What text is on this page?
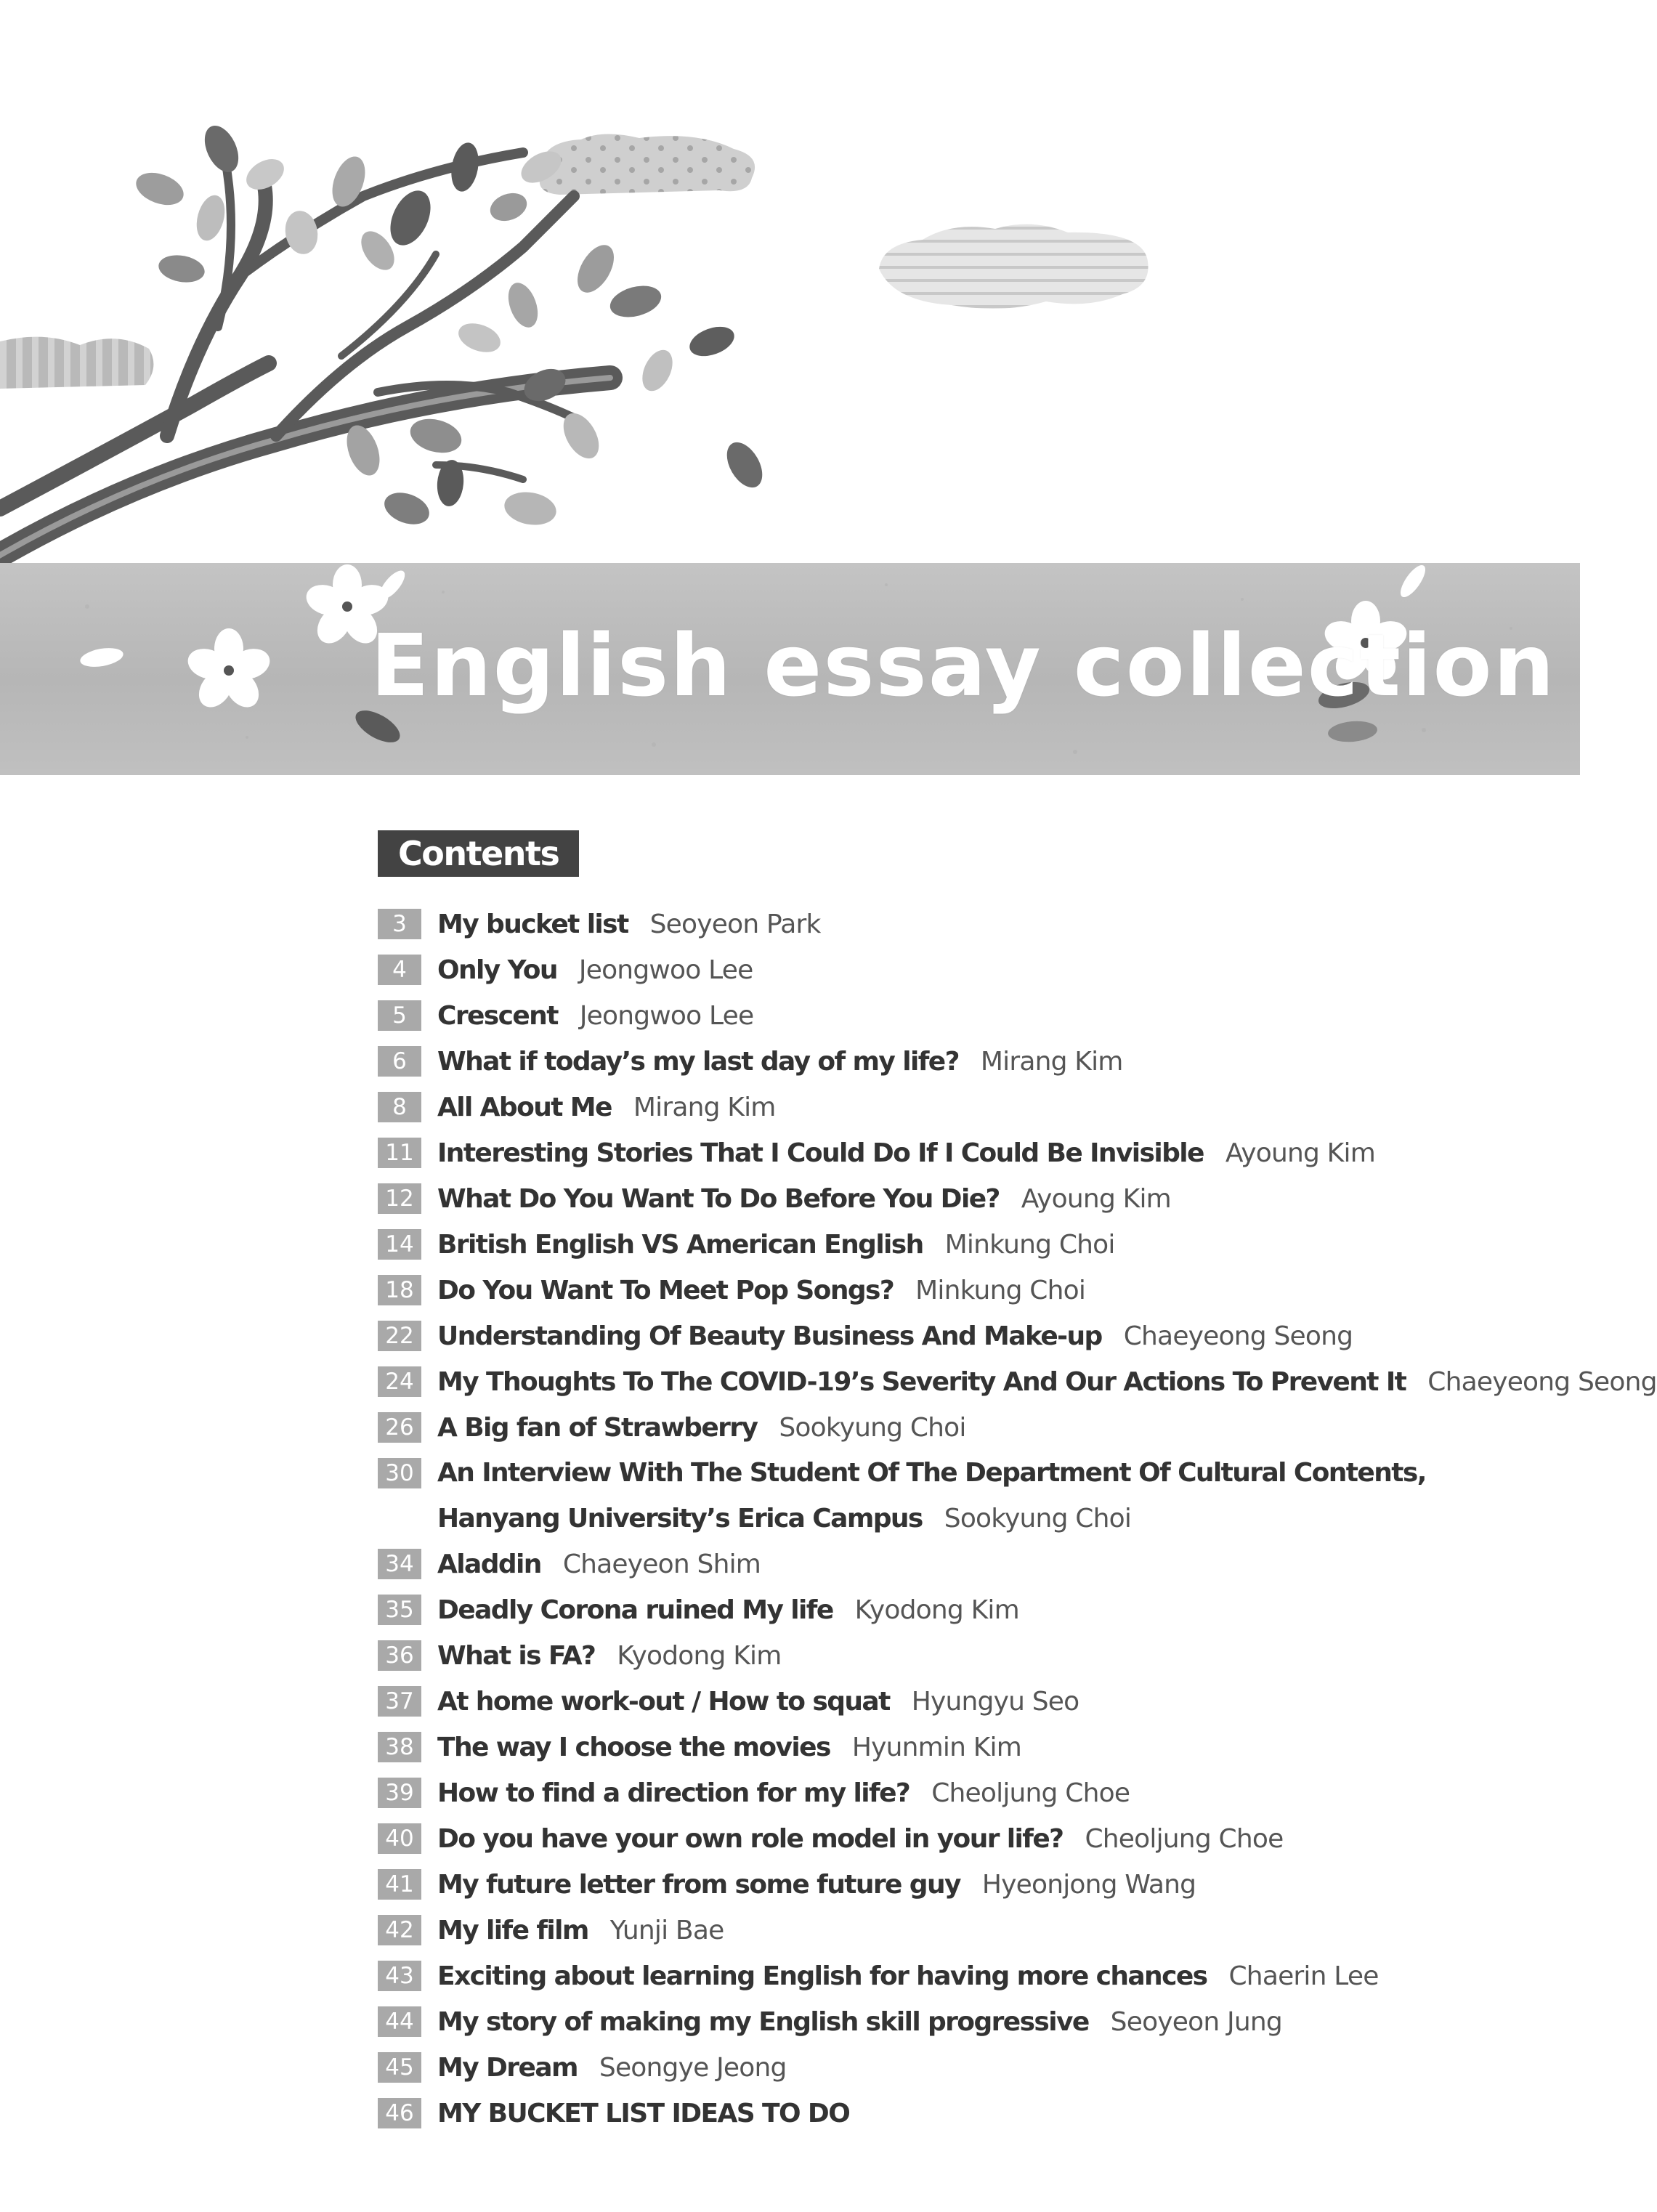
English essay collection
Contents
3	My bucket list Seoyeon Park
4	Only You Jeongwoo Lee
5	Crescent Jeongwoo Lee
6	What if today’s my last day of my life? Mirang Kim
8	All About Me Mirang Kim
11 Interesting Stories That I Could Do If I Could Be Invisible Ayoung Kim
12 What Do You Want To Do Before You Die? Ayoung Kim
14 British English VS American English Minkung Choi
18 Do You Want To Meet Pop Songs? Minkung Choi
22 Understanding Of Beauty Business And Make-up Chaeyeong Seong
24 My Thoughts To The COVID-19’s Severity And Our Actions To Prevent It Chaeyeong Seong
26 A Big fan of Strawberry Sookyung Choi
30 An Interview With The Student Of The Department Of Cultural Contents,
Hanyang University’s Erica Campus Sookyung Choi
34 Aladdin Chaeyeon Shim
35 Deadly Corona ruined My life Kyodong Kim
36 What is FA? Kyodong Kim
37 At home work-out / How to squat Hyungyu Seo
38 The way I choose the movies Hyunmin Kim
39 How to find a direction for my life? Cheoljung Choe
40 Do you have your own role model in your life? Cheoljung Choe
41 My future letter from some future guy Hyeonjong Wang
42 My life film Yunji Bae
43 Exciting about learning English for having more chances Chaerin Lee
44 My story of making my English skill progressive Seoyeon Jung
45 My Dream Seongye Jeong
46 MY BUCKET LIST IDEAS TO DO
